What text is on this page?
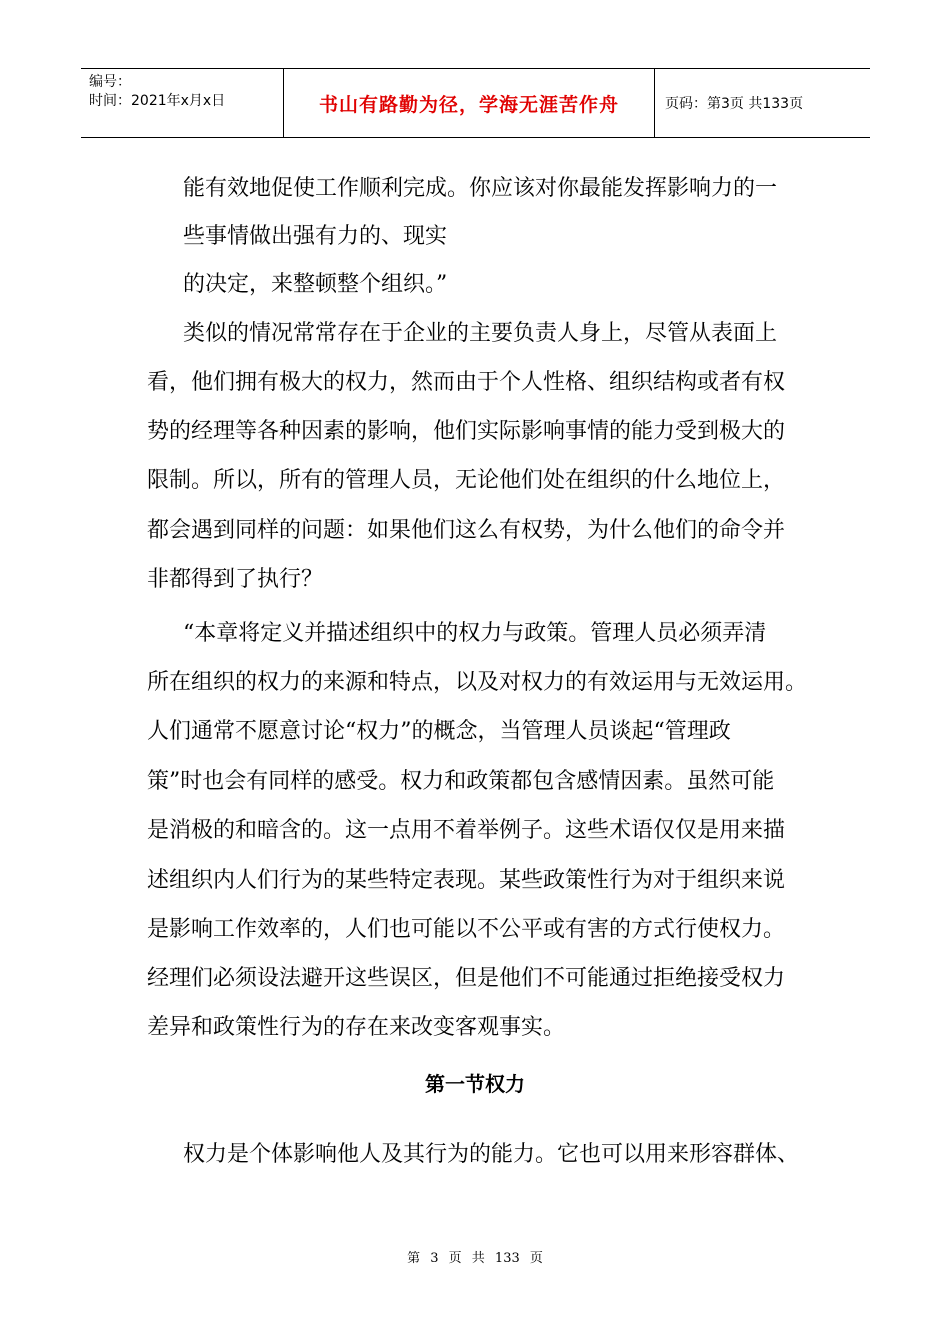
编号：
时间：2021年x月x日	书山有路勤为径，学海无涯苦作舟	页码：第3页 共133页
能有效地促使工作顺利完成。你应该对你最能发挥影响力的一
些事情做出强有力的、现实
的决定，来整顿整个组织。”
类似的情况常常存在于企业的主要负责人身上，尽管从表面上
看，他们拥有极大的权力，然而由于个人性格、组织结构或者有权
势的经理等各种因素的影响，他们实际影响事情的能力受到极大的
限制。所以，所有的管理人员，无论他们处在组织的什么地位上，
都会遇到同样的问题：如果他们这么有权势，为什么他们的命令并
非都得到了执行？
“本章将定义并描述组织中的权力与政策。管理人员必须弄清
所在组织的权力的来源和特点，以及对权力的有效运用与无效运用。
人们通常不愿意讨论“权力”的概念，当管理人员谈起“管理政
策”时也会有同样的感受。权力和政策都包含感情因素。虽然可能
是消极的和暗含的。这一点用不着举例子。这些术语仅仅是用来描
述组织内人们行为的某些特定表现。某些政策性行为对于组织来说
是影响工作效率的，人们也可能以不公平或有害的方式行使权力。
经理们必须设法避开这些误区，但是他们不可能通过拒绝接受权力
差异和政策性行为的存在来改变客观事实。
第一节权力
权力是个体影响他人及其行为的能力。它也可以用来形容群体、
第 3 页 共 133 页
